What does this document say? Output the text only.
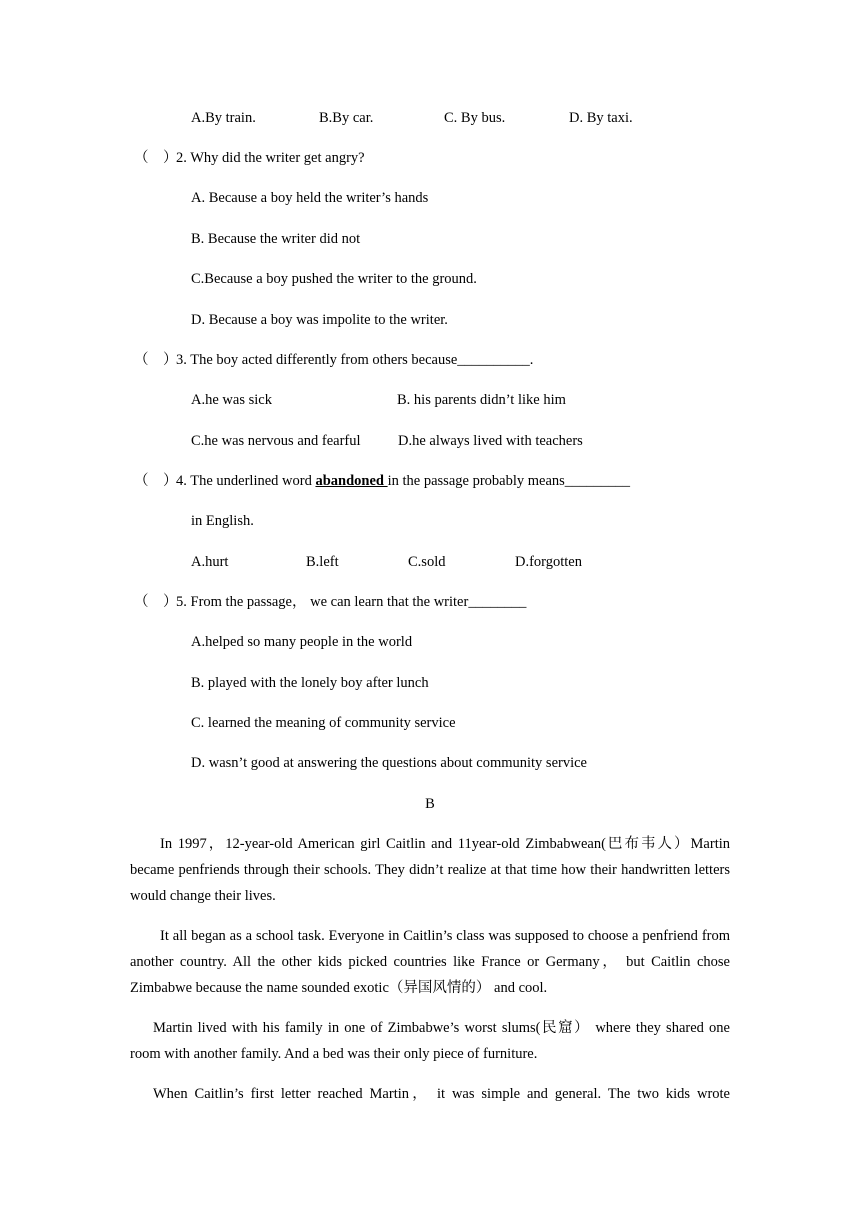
A.By train.	B.By car.	C. By bus.	D. By taxi.
（　）
2. Why did the writer get angry?
A. Because a boy held the writer’s hands
B. Because the writer did not
C.Because a boy pushed the writer to the ground.
D. Because a boy was impolite to the writer.
（　）
3. The boy acted differently from others because__________.
A.he was sick	B. his parents didn’t like him
C.he was nervous and fearful	D.he always lived with teachers
（　）
4. The underlined word abandoned in the passage probably means_________
in English.
A.hurt	B.left	C.sold	D.forgotten
（　）
5. From the passage， we can learn that the writer________
A.helped so many people in the world
B. played with the lonely boy after lunch
C. learned the meaning of community service
D. wasn’t good at answering the questions about community service
B

In 1997，12-year-old American girl Caitlin and 11year-old Zimbabwean(巴布韦人）Martin became penfriends through their schools. They didn’t realize at that time how their handwritten letters would change their lives.

It all began as a school task. Everyone in Caitlin’s class was supposed to choose a penfriend from another country. All the other kids picked countries like France or Germany， but Caitlin chose Zimbabwe because the name sounded exotic（异国风情的） and cool.

Martin lived with his family in one of Zimbabwe’s worst slums(民窟） where they shared one room with another family. And a bed was their only piece of furniture.

When Caitlin’s first letter reached Martin， it was simple and general. The two kids wrote
